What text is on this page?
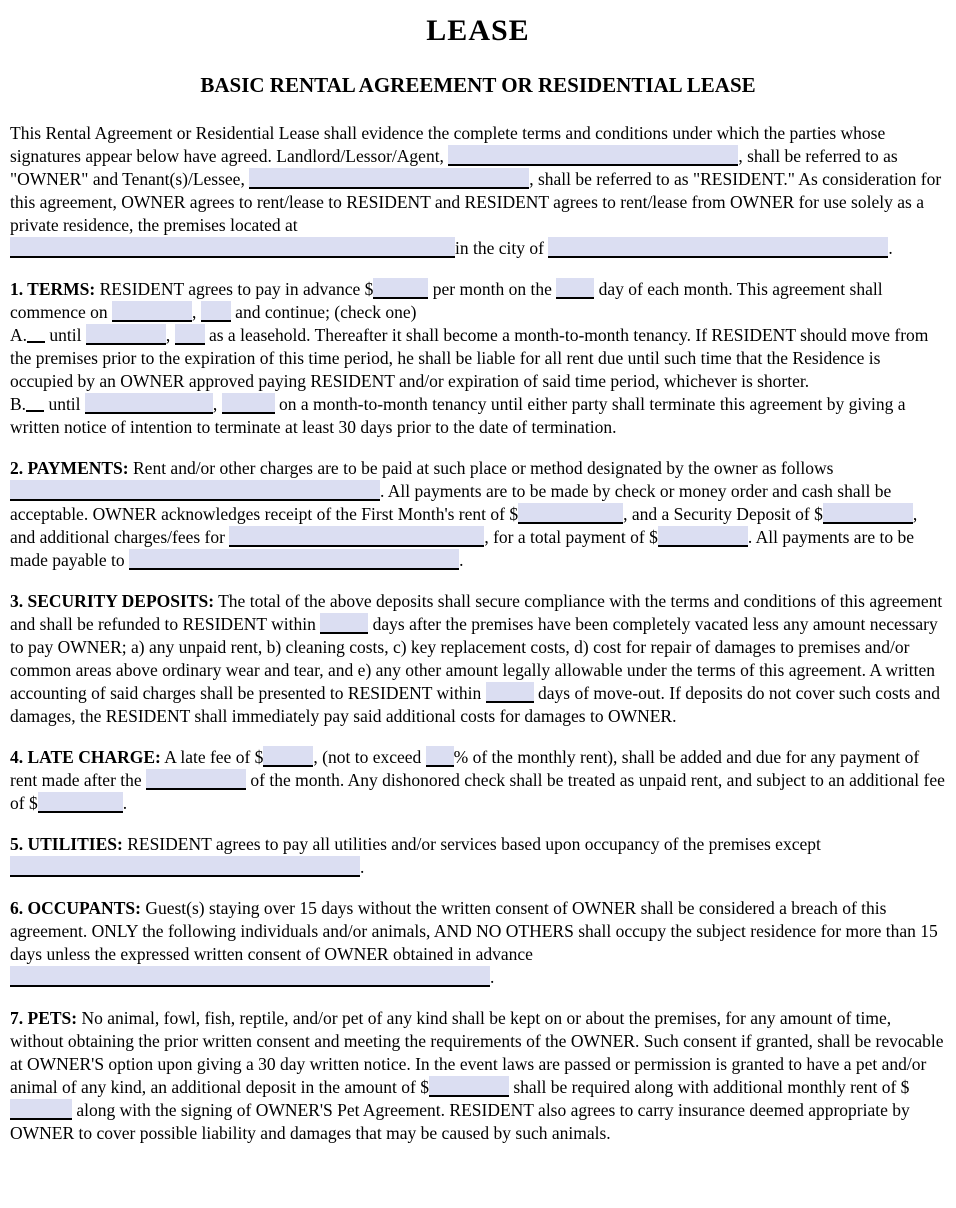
LEASE
BASIC RENTAL AGREEMENT OR RESIDENTIAL LEASE

This Rental Agreement or Residential Lease shall evidence the complete terms and conditions under which the parties whose signatures appear below have agreed. Landlord/Lessor/Agent,	, shall be referred to as "OWNER" and Tenant(s)/Lessee,	, shall be referred to as "RESIDENT." As consideration for this agreement, OWNER agrees to rent/lease to RESIDENT and RESIDENT agrees to rent/lease from OWNER for use solely as a private residence, the premises located at
in the city of	.

1. TERMS: RESIDENT agrees to pay in advance $	per month on the  day of each month. This agreement shall commence on	,  and continue; (check one)
A. until	,  as a leasehold. Thereafter it shall become a month-to-month tenancy. If RESIDENT should move from the premises prior to the expiration of this time period, he shall be liable for all rent due until such time that the Residence is occupied by an OWNER approved paying RESIDENT and/or expiration of said time period, whichever is shorter.
B. until	,	on a month-to-month tenancy until either party shall terminate this agreement by giving a written notice of intention to terminate at least 30 days prior to the date of termination.

2. PAYMENTS: Rent and/or other charges are to be paid at such place or method designated by the owner as follows
. All payments are to be made by check or money order and cash shall be acceptable. OWNER acknowledges receipt of the First Month's rent of $	, and a Security Deposit of $	, and additional charges/fees for	, for a total payment of $	. All payments are to be made payable to	.

3. SECURITY DEPOSITS: The total of the above deposits shall secure compliance with the terms and conditions of this agreement and shall be refunded to RESIDENT within	days after the premises have been completely vacated less any amount necessary to pay OWNER; a) any unpaid rent, b) cleaning costs, c) key replacement costs, d) cost for repair of damages to premises and/or common areas above ordinary wear and tear, and e) any other amount legally allowable under the terms of this agreement. A written accounting of said charges shall be presented to RESIDENT within	days of move-out. If deposits do not cover such costs and damages, the RESIDENT shall immediately pay said additional costs for damages to OWNER.

4. LATE CHARGE: A late fee of $	, (not to exceed % of the monthly rent), shall be added and due for any payment of rent made after the	of the month. Any dishonored check shall be treated as unpaid rent, and subject to an additional fee of $	.

5. UTILITIES: RESIDENT agrees to pay all utilities and/or services based upon occupancy of the premises except
.

6. OCCUPANTS: Guest(s) staying over 15 days without the written consent of OWNER shall be considered a breach of this agreement. ONLY the following individuals and/or animals, AND NO OTHERS shall occupy the subject residence for more than 15 days unless the expressed written consent of OWNER obtained in advance
.

7. PETS: No animal, fowl, fish, reptile, and/or pet of any kind shall be kept on or about the premises, for any amount of time, without obtaining the prior written consent and meeting the requirements of the OWNER. Such consent if granted, shall be revocable at OWNER'S option upon giving a 30 day written notice. In the event laws are passed or permission is granted to have a pet and/or animal of any kind, an additional deposit in the amount of $	shall be required along with additional monthly rent of $ along with the signing of OWNER'S Pet Agreement. RESIDENT also agrees to carry insurance deemed appropriate by OWNER to cover possible liability and damages that may be caused by such animals.
